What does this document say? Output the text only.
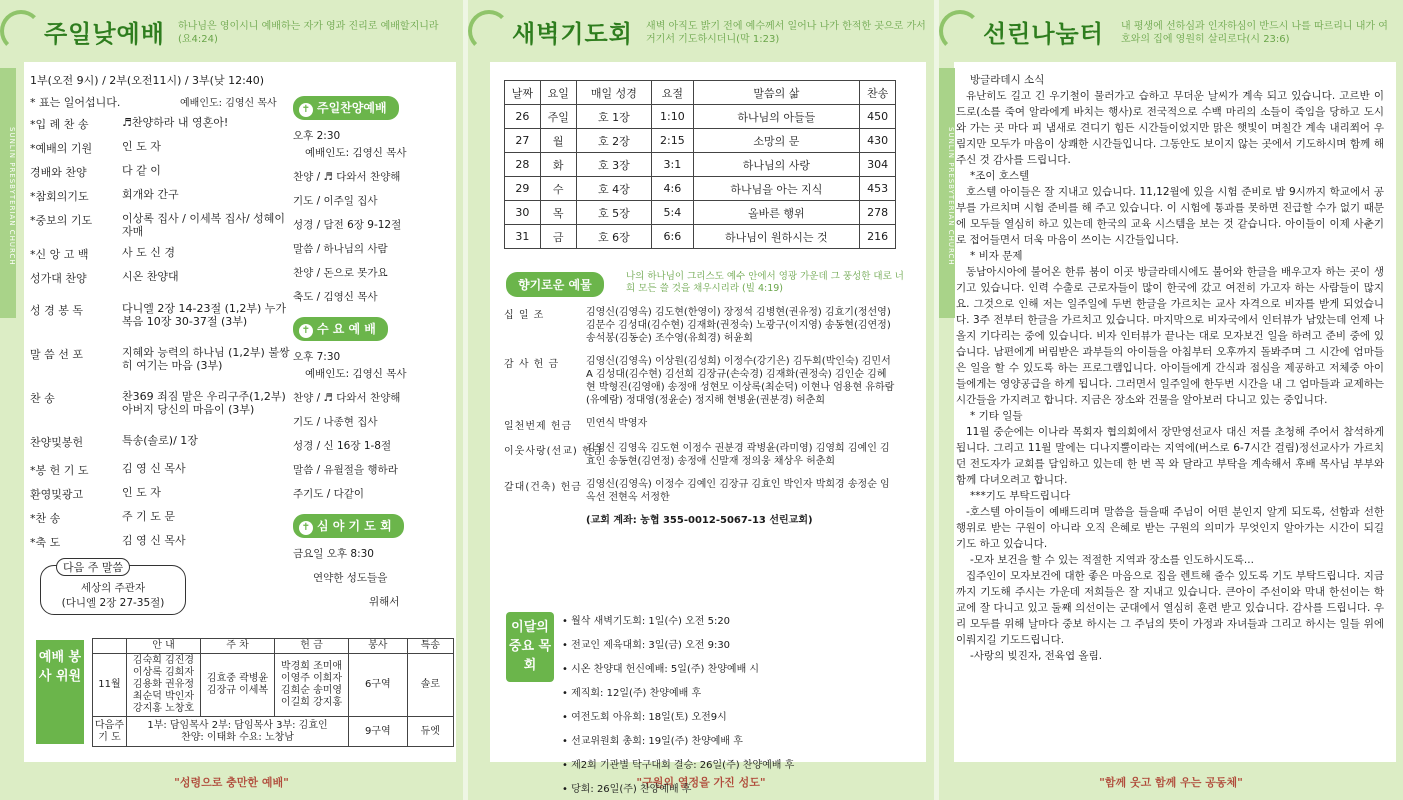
주일낮예배 하나님은 영이시니 예배하는 자가 영과 진리로 예배할지니라(요4:24)
SUNLIN PRESBYTERIAN CHURCH
1부(오전 9시) / 2부(오전11시) / 3부(낮 12:40)
* 표는 일어섭니다.	예배인도: 김영신 목사
*입 례 찬 송	♬찬양하라 내 영혼아!
*예배의 기원	인 도 자
경배와 찬양	다 같 이
*참회의기도	회개와 간구
*중보의 기도	이상록 집사 / 이세복 집사/ 성혜이 자매
*신 앙 고 백	사 도 신 경
성가대 찬양	시온 찬양대
성 경 봉 독	다니엘 2장 14-23절 (1,2부) 누가복음 10장 30-37절 (3부)
말 씀 선 포	지혜와 능력의 하나님 (1,2부) 불쌍히 여기는 마음 (3부)
찬 송	찬369 죄짐 맡은 우리구주(1,2부) 아버지 당신의 마음이 (3부)
찬양및봉헌	특송(솔로)/ 1장
*봉 헌 기 도	김 영 신 목사
환영및광고	인 도 자
*찬 송	주 기 도 문
*축 도	김 영 신 목사
세상의 주관자
(다니엘 2장 27-35절)
다음 주 말씀
✝ 주일찬양예배
오후 2:30
예배인도: 김영신 목사
찬양 / ♬ 다와서 찬양해
기도 / 이주일 집사
성경 / 담전 6장 9-12절
말씀 / 하나님의 사람
찬양 / 돈으로 못가요
축도 / 김영신 목사
✝ 수 요 예 배
오후 7:30
예배인도: 김영신 목사
찬양 / ♬ 다와서 찬양해
기도 / 나종현 집사
성경 / 신 16장 1-8절
말씀 / 유월절을 행하라
주기도 / 다같이
✝ 심 야 기 도 회
금요일 오후 8:30
연약한 성도들을
위해서
예배 봉사 위원
	안 내	주 차	헌 금	봉사	특송
11월	김숙희 김진경 이상록 김희자 김용화 권유정 최순덕 박인자 강지홍 노창호	김효중 곽병윤 김장규 이세복	박경희 조미애 이영주 이희자 김희순 송미영 이길희 강지홍	6구역	솔로
다음주 기 도	1부: 담임목사 2부: 담임목사 3부: 김효인
찬양: 이태화 수요: 노창남			9구역	듀엣
"성령으로 충만한 예배"
새벽기도회 새벽 아직도 밝기 전에 예수께서 일어나 나가 한적한 곳으로 가서 거기서 기도하시더니(막 1:23)
"구원의 열정을 가진 성도"
날짜	요일	매일 성경	요절	말씀의 삶	찬송
26	주일	호 1장	1:10	하나님의 아들들	450
27	월	호 2장	2:15	소망의 문	430
28	화	호 3장	3:1	하나님의 사랑	304
29	수	호 4장	4:6	하나님을 아는 지식	453
30	목	호 5장	5:4	올바른 행위	278
31	금	호 6장	6:6	하나님이 원하시는 것	216
향기로운 예물
나의 하나님이 그리스도 예수 안에서 영광 가운데 그 풍성한 대로 너희 모든 쓸 것을 채우시리라 (빌 4:19)
십 일 조	김영신(김영옥) 김도현(한영이) 장정석 김병현(권유정) 김효기(정선영) 김문수 김성대(김수현) 김재화(권정숙) 노광구(이지영) 송동현(김연정) 송석봉(김동순) 조수영(유희경) 허윤회
감 사 헌 금	김영신(김영옥) 이상원(김성희) 이정수(강기은) 김두회(박인숙) 김민서A 김성대(김수현) 김선희 김장규(손숙경) 김재화(권정숙) 김인순 김혜현 박형진(김영애) 송정애 성현모 이상록(최순덕) 이현나 엄용현 유하람(유예람) 정대영(정윤순) 정지해 현병윤(권분경) 허춘희
일천번제 헌금	민연식 박영자
이웃사랑(선교) 헌금
김영신 김영옥 김도현 이정수 권분경 곽병윤(라미영) 김영희 김예인 김효인 송동현(김연정) 송정애 신말재 정의웅 채상우 허춘희
갈대(건축) 헌금 김영신(김영옥) 이정수 김예인 김장규 김효인 박인자 박희경 송정순 임옥선 전현옥 서정한
(교회 계좌: 농협 355-0012-5067-13 선린교회)
이달의 중요 목회
• 월삭 새벽기도회: 1일(수) 오전 5:20
• 전교인 제육대회: 3일(금) 오전 9:30
• 시온 찬양대 헌신예배: 5일(주) 찬양예배 시
• 제직회: 12일(주) 찬양예배 후
• 여전도회 아유회: 18일(토) 오전9시
• 선교위원회 총회: 19일(주) 찬양예배 후
• 제2회 기관별 탁구대회 결승: 26일(주) 찬양예배 후
• 당회: 26일(주) 찬양예배 후
선린나눔터 내 평생에 선하심과 인자하심이 반드시 나를 따르리니 내가 여호와의 집에 영원히 살리로다(시 23:6)
SUNLIN PRESBYTERIAN CHURCH
"함께 웃고 함께 우는 공동체"

방글라데시 소식

유난히도 길고 긴 우기철이 물러가고 습하고 무더운 날씨가 계속 되고 있습니다. 고르반 이드로(소를 죽여 알라에게 바치는 행사)로 전국적으로 수백 마리의 소들이 죽임을 당하고 도시와 가는 곳 마다 피 냄새로 견디기 힘든 시간들이었지만 맑은 햇빛이 며칠간 계속 내리쬐어 우림지만 모두가 마음이 상쾌한 시간들입니다. 그동안도 보이지 않는 곳에서 기도하시며 함께 해 주신 것 감사를 드립니다.

*조이 호스텔

호스텔 아이들은 잘 지내고 있습니다. 11,12월에 있을 시험 준비로 밤 9시까지 학교에서 공부를 가르치며 시험 준비를 해 주고 있습니다. 이 시험에 통과를 못하면 진급할 수가 없기 때문에 모두들 열심히 하고 있는데 한국의 교육 시스템을 보는 것 같습니다. 아이들이 이제 사춘기로 접어들면서 더욱 마음이 쓰이는 시간들입니다.

* 비자 문제

동남아시아에 불어온 한류 붐이 이곳 방글라데시에도 불어와 한글을 배우고자 하는 곳이 생기고 있습니다. 인력 수출로 근로자들이 많이 한국에 갔고 여전히 가고자 하는 사람들이 많지요. 그것으로 인해 저는 일주일에 두번 한글을 가르치는 교사 자격으로 비자를 받게 되었습니다. 3주 전부터 한글을 가르치고 있습니다. 마지막으로 비자국에서 인터뷰가 남았는데 언제 나올지 기다리는 중에 있습니다. 비자 인터뷰가 끝나는 대로 모자보건 일을 하려고 준비 중에 있습니다. 남편에게 버림받은 과부들의 아이들을 아침부터 오후까지 돌봐주며 그 시간에 엄마들은 일을 할 수 있도록 하는 프로그램입니다. 아이들에게 간식과 점심을 제공하고 저체중 아이들에게는 영양공급을 하게 됩니다. 그러면서 일주일에 한두번 시간을 내 그 엄마들과 교제하는 시간들을 가지려고 합니다. 지금은 장소와 건물을 알아보러 다니고 있는 중입니다.

* 기타 일들

11월 중순에는 이나라 목회자 협의회에서 장만영선교사 대신 저를 초청해 주어서 참석하게 됩니다. 그리고 11월 말에는 디나지뿔이라는 지역에(버스로 6-7시간 걸림)정선교사가 가르치던 전도자가 교회를 담임하고 있는데 한 번 꼭 와 달라고 부탁을 계속해서 후배 목사님 부부와 함께 다녀오려고 합니다.

***기도 부탁드립니다

-호스텔 아이들이 예배드리며 말씀을 들을때 주님이 어떤 분인지 알게 되도록, 선함과 선한 행위로 받는 구원이 아니라 오직 은혜로 받는 구원의 의미가 무엇인지 알아가는 시간이 되길 기도 하고 있습니다.

-모자 보건을 할 수 있는 적절한 지역과 장소를 인도하시도록...

집주인이 모자보건에 대한 좋은 마음으로 집을 렌트해 줄수 있도록 기도 부탁드립니다. 지금까지 기도해 주시는 가운데 저희들은 잘 지내고 있습니다. 큰아이 주선이와 막내 한선이는 학교에 잘 다니고 있고 둘째 의선이는 군대에서 열심히 훈련 받고 있습니다. 감사를 드립니다. 우리 모두를 위해 날마다 중보 하시는 그 주님의 뜻이 가정과 자녀들과 그리고 하시는 일들 위에 이뤄지길 기도드립니다.

-사랑의 빚진자, 전육엽 올림.
